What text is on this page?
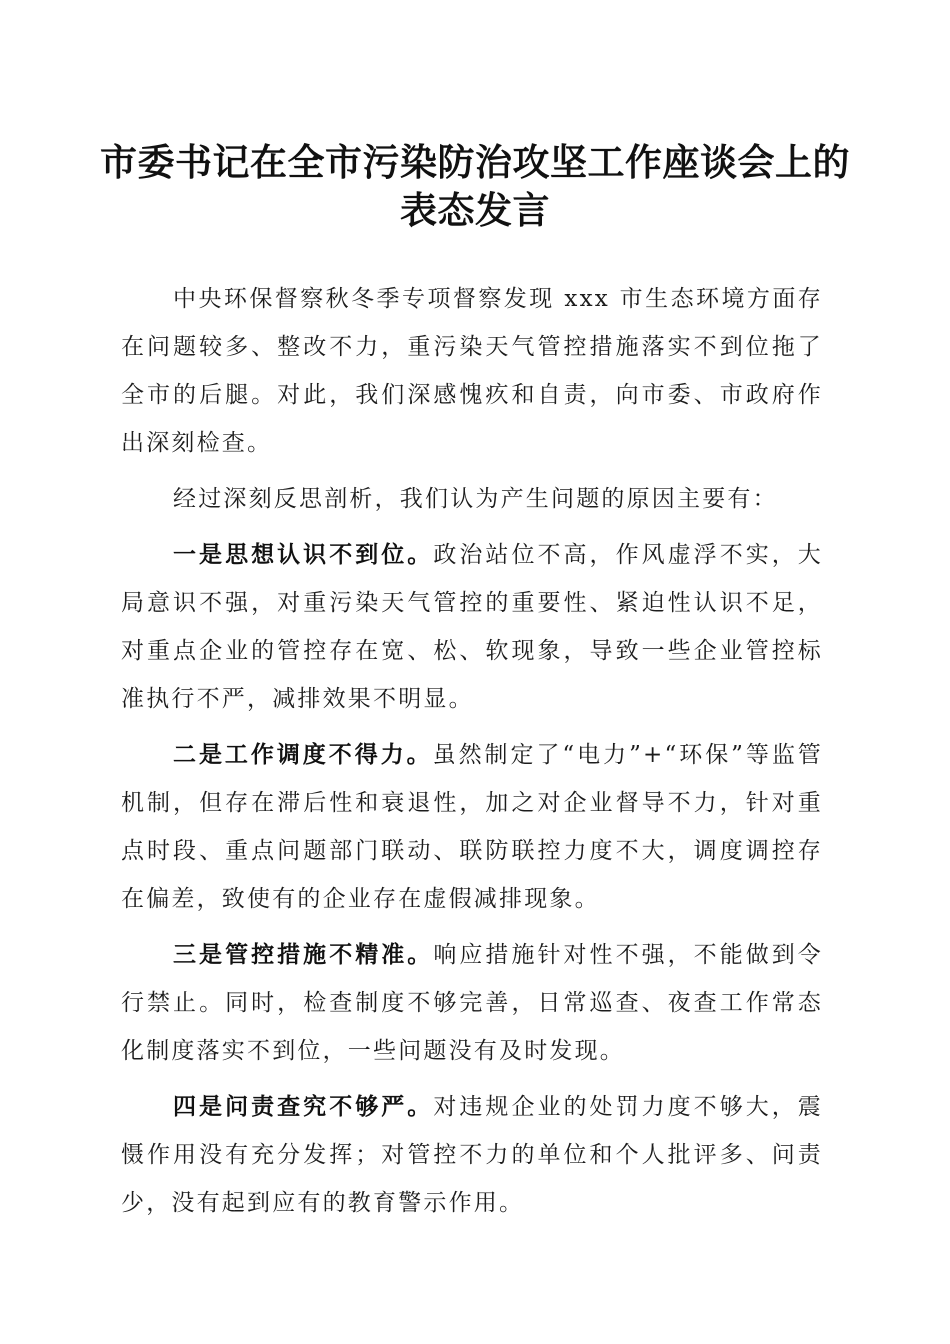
市委书记在全市污染防治攻坚工作座谈会上的
表态发言

中央环保督察秋冬季专项督察发现 xxx 市生态环境方面存在问题较多、整改不力，重污染天气管控措施落实不到位拖了全市的后腿。对此，我们深感愧疚和自责，向市委、市政府作出深刻检查。

经过深刻反思剖析，我们认为产生问题的原因主要有：

一是思想认识不到位。政治站位不高，作风虚浮不实，大局意识不强，对重污染天气管控的重要性、紧迫性认识不足，对重点企业的管控存在宽、松、软现象，导致一些企业管控标准执行不严，减排效果不明显。

二是工作调度不得力。虽然制定了“电力”+“环保”等监管机制，但存在滞后性和衰退性，加之对企业督导不力，针对重点时段、重点问题部门联动、联防联控力度不大，调度调控存在偏差，致使有的企业存在虚假减排现象。

三是管控措施不精准。响应措施针对性不强，不能做到令行禁止。同时，检查制度不够完善，日常巡查、夜查工作常态化制度落实不到位，一些问题没有及时发现。

四是问责查究不够严。对违规企业的处罚力度不够大，震慑作用没有充分发挥；对管控不力的单位和个人批评多、问责少，没有起到应有的教育警示作用。
